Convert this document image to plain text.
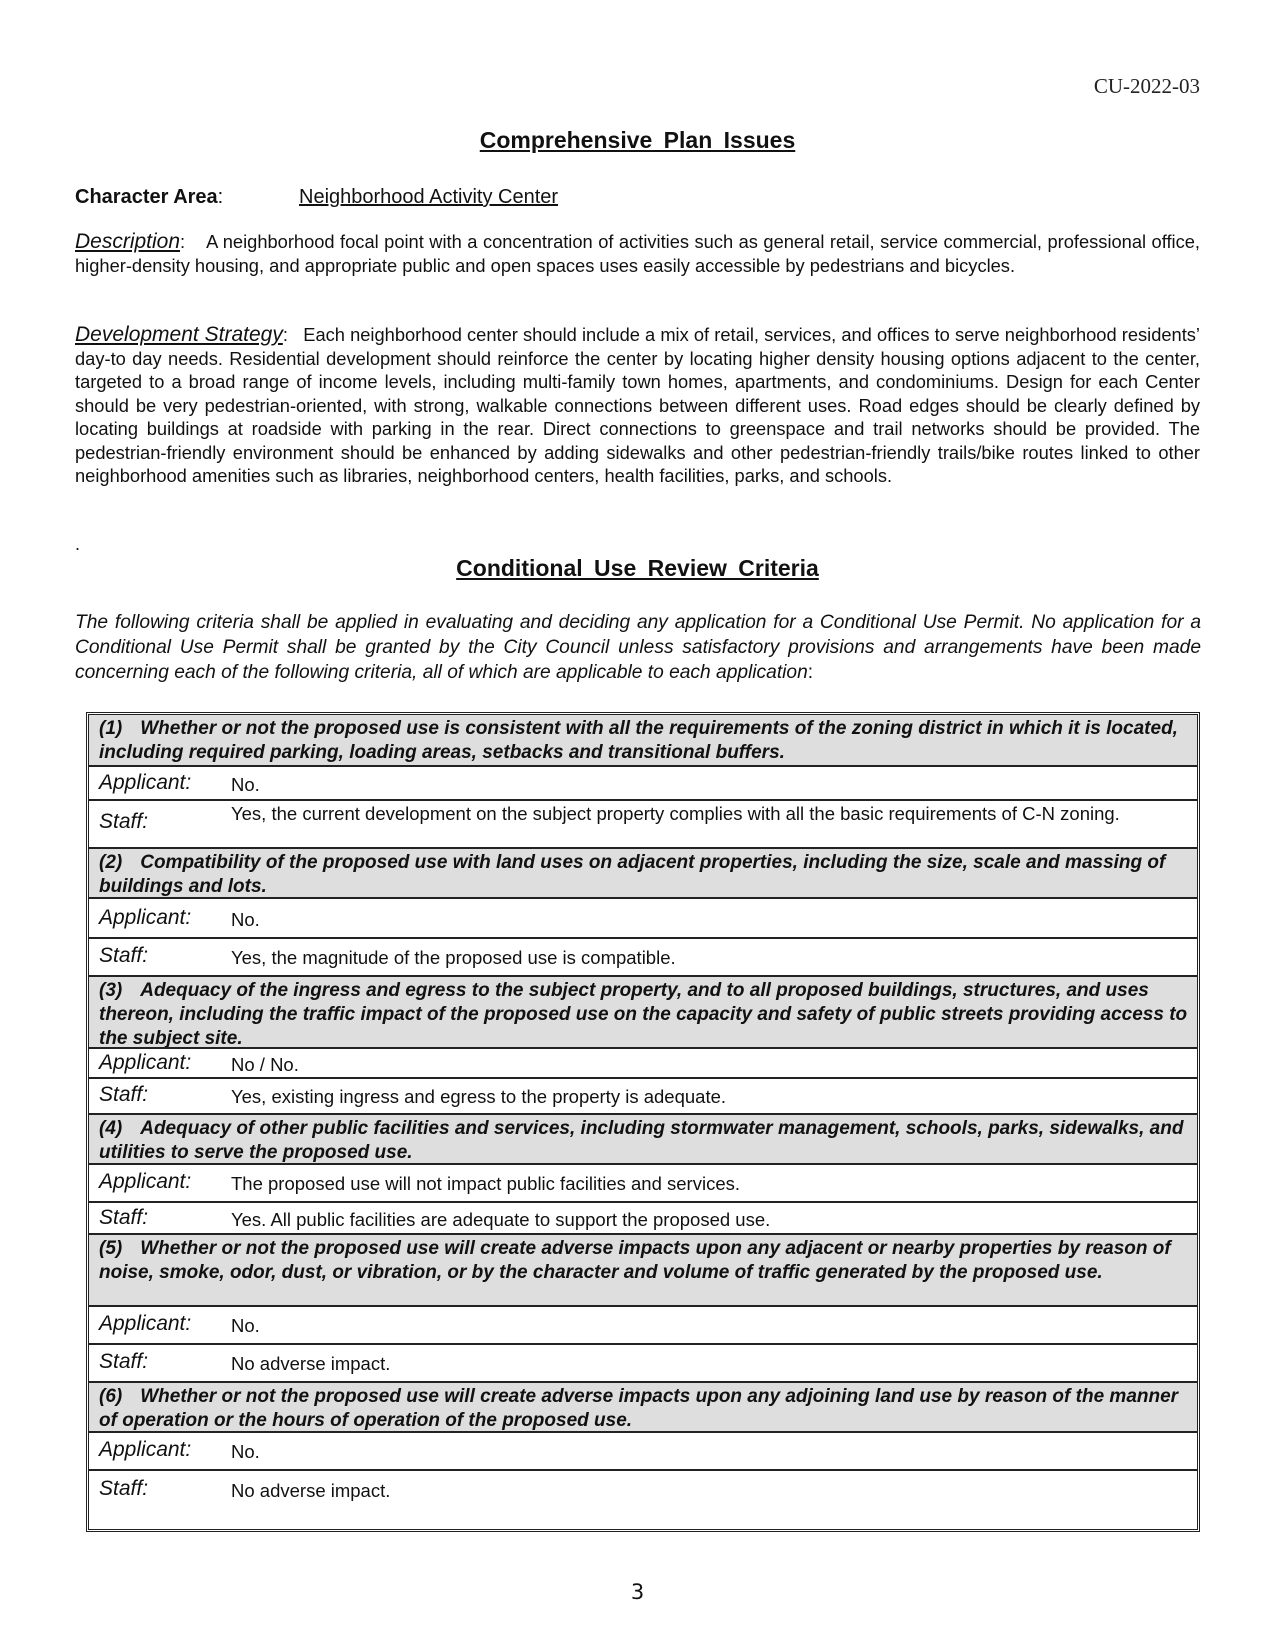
CU-2022-03
Comprehensive Plan Issues
Character Area:	Neighborhood Activity Center
Description:    A neighborhood focal point with a concentration of activities such as general retail, service commercial, professional office, higher-density housing, and appropriate public and open spaces uses easily accessible by pedestrians and bicycles.
Development Strategy:   Each neighborhood center should include a mix of retail, services, and offices to serve neighborhood residents’ day-to day needs. Residential development should reinforce the center by locating higher density housing options adjacent to the center, targeted to a broad range of income levels, including multi-family town homes, apartments, and condominiums. Design for each Center should be very pedestrian-oriented, with strong, walkable connections between different uses. Road edges should be clearly defined by locating buildings at roadside with parking in the rear. Direct connections to greenspace and trail networks should be provided. The pedestrian-friendly environment should be enhanced by adding sidewalks and other pedestrian-friendly trails/bike routes linked to other neighborhood amenities such as libraries, neighborhood centers, health facilities, parks, and schools.
.
Conditional Use Review Criteria
The following criteria shall be applied in evaluating and deciding any application for a Conditional Use Permit. No application for a Conditional Use Permit shall be granted by the City Council unless satisfactory provisions and arrangements have been made concerning each of the following criteria, all of which are applicable to each application:
(1) Whether or not the proposed use is consistent with all the requirements of the zoning district in which it is located, including required parking, loading areas, setbacks and transitional buffers.
Applicant: No.
Staff:	Yes, the current development on the subject property complies with all the basic requirements of C-N zoning.
(2) Compatibility of the proposed use with land uses on adjacent properties, including the size, scale and massing of buildings and lots.
Applicant: No.
Staff:	Yes, the magnitude of the proposed use is compatible.
(3) Adequacy of the ingress and egress to the subject property, and to all proposed buildings, structures, and uses thereon, including the traffic impact of the proposed use on the capacity and safety of public streets providing access to the subject site.
Applicant: No / No.
Staff:	Yes, existing ingress and egress to the property is adequate.
(4) Adequacy of other public facilities and services, including stormwater management, schools, parks, sidewalks, and utilities to serve the proposed use.
Applicant: The proposed use will not impact public facilities and services.
Staff:	Yes. All public facilities are adequate to support the proposed use.
(5) Whether or not the proposed use will create adverse impacts upon any adjacent or nearby properties by reason of noise, smoke, odor, dust, or vibration, or by the character and volume of traffic generated by the proposed use.
Applicant: No.
Staff:	No adverse impact.
(6) Whether or not the proposed use will create adverse impacts upon any adjoining land use by reason of the manner of operation or the hours of operation of the proposed use.
Applicant: No.
Staff:	No adverse impact.
3
